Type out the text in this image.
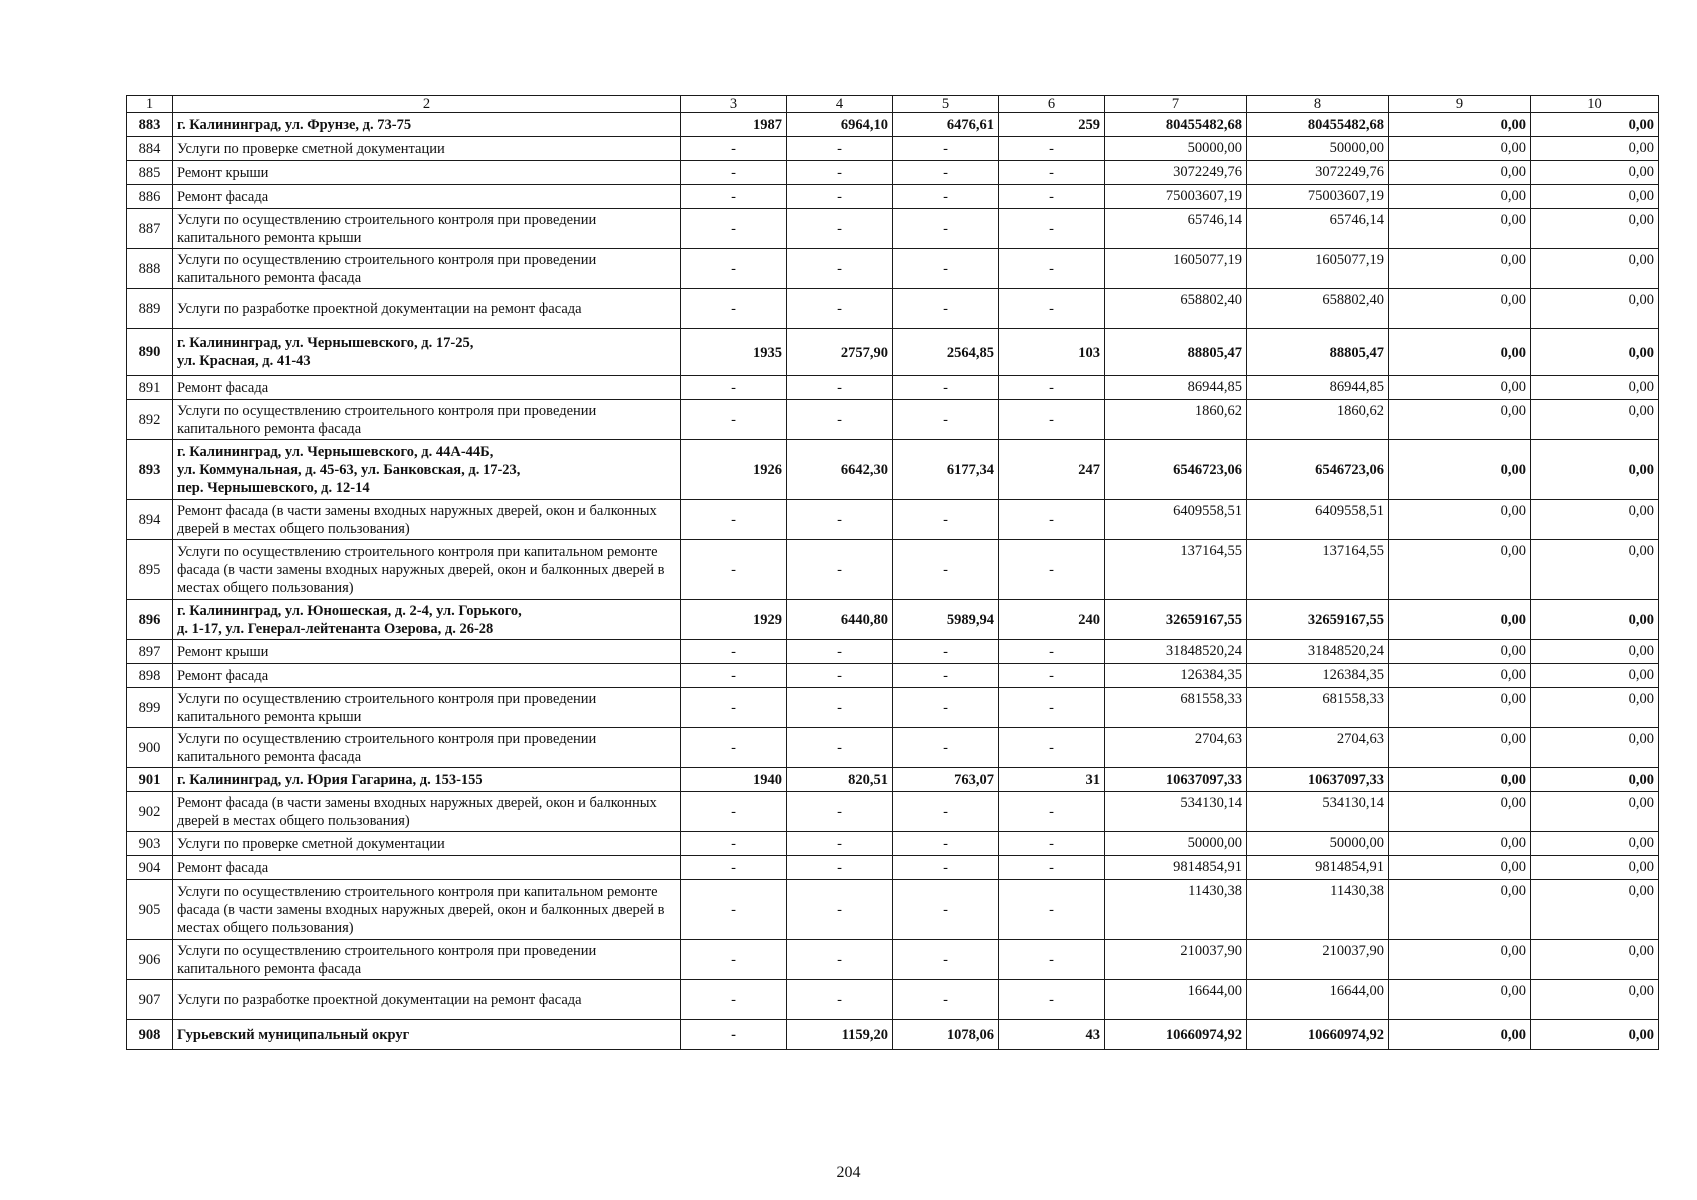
1	2	3	4	5	6	7	8	9	10
883	г. Калининград, ул. Фрунзе, д. 73-75	1987	6964,10	6476,61	259	80455482,68	80455482,68	0,00	0,00
884	Услуги по проверке сметной документации	-	-	-	-	50000,00	50000,00	0,00	0,00
885	Ремонт крыши	-	-	-	-	3072249,76	3072249,76	0,00	0,00
886	Ремонт фасада	-	-	-	-	75003607,19	75003607,19	0,00	0,00
887	Услуги по осуществлению строительного контроля при проведении капитального ремонта крыши	-	-	-	-	65746,14	65746,14	0,00	0,00
888	Услуги по осуществлению строительного контроля при проведении капитального ремонта фасада	-	-	-	-	1605077,19	1605077,19	0,00	0,00
889	Услуги по разработке проектной документации на ремонт фасада	-	-	-	-	658802,40	658802,40	0,00	0,00
890	г. Калининград, ул. Чернышевского, д. 17-25,
ул. Красная, д. 41-43	1935	2757,90	2564,85	103	88805,47	88805,47	0,00	0,00
891	Ремонт фасада	-	-	-	-	86944,85	86944,85	0,00	0,00
892	Услуги по осуществлению строительного контроля при проведении капитального ремонта фасада	-	-	-	-	1860,62	1860,62	0,00	0,00
893	г. Калининград, ул. Чернышевского, д. 44А-44Б,
ул. Коммунальная, д. 45-63, ул. Банковская, д. 17-23,
пер. Чернышевского, д. 12-14	1926	6642,30	6177,34	247	6546723,06	6546723,06	0,00	0,00
894	Ремонт фасада (в части замены входных наружных дверей, окон и балконных дверей в местах общего пользования)	-	-	-	-	6409558,51	6409558,51	0,00	0,00
895	Услуги по осуществлению строительного контроля при капитальном ремонте фасада (в части замены входных наружных дверей, окон и балконных дверей в местах общего пользования)	-	-	-	-	137164,55	137164,55	0,00	0,00
896	г. Калининград, ул. Юношеская, д. 2-4, ул. Горького,
д. 1-17, ул. Генерал-лейтенанта Озерова, д. 26-28	1929	6440,80	5989,94	240	32659167,55	32659167,55	0,00	0,00
897	Ремонт крыши	-	-	-	-	31848520,24	31848520,24	0,00	0,00
898	Ремонт фасада	-	-	-	-	126384,35	126384,35	0,00	0,00
899	Услуги по осуществлению строительного контроля при проведении капитального ремонта крыши	-	-	-	-	681558,33	681558,33	0,00	0,00
900	Услуги по осуществлению строительного контроля при проведении капитального ремонта фасада	-	-	-	-	2704,63	2704,63	0,00	0,00
901	г. Калининград, ул. Юрия Гагарина, д. 153-155	1940	820,51	763,07	31	10637097,33	10637097,33	0,00	0,00
902	Ремонт фасада (в части замены входных наружных дверей, окон и балконных дверей в местах общего пользования)	-	-	-	-	534130,14	534130,14	0,00	0,00
903	Услуги по проверке сметной документации	-	-	-	-	50000,00	50000,00	0,00	0,00
904	Ремонт фасада	-	-	-	-	9814854,91	9814854,91	0,00	0,00
905	Услуги по осуществлению строительного контроля при капитальном ремонте фасада (в части замены входных наружных дверей, окон и балконных дверей в местах общего пользования)	-	-	-	-	11430,38	11430,38	0,00	0,00
906	Услуги по осуществлению строительного контроля при проведении капитального ремонта фасада	-	-	-	-	210037,90	210037,90	0,00	0,00
907	Услуги по разработке проектной документации на ремонт фасада	-	-	-	-	16644,00	16644,00	0,00	0,00
908	Гурьевский муниципальный округ	-	1159,20	1078,06	43	10660974,92	10660974,92	0,00	0,00
204
